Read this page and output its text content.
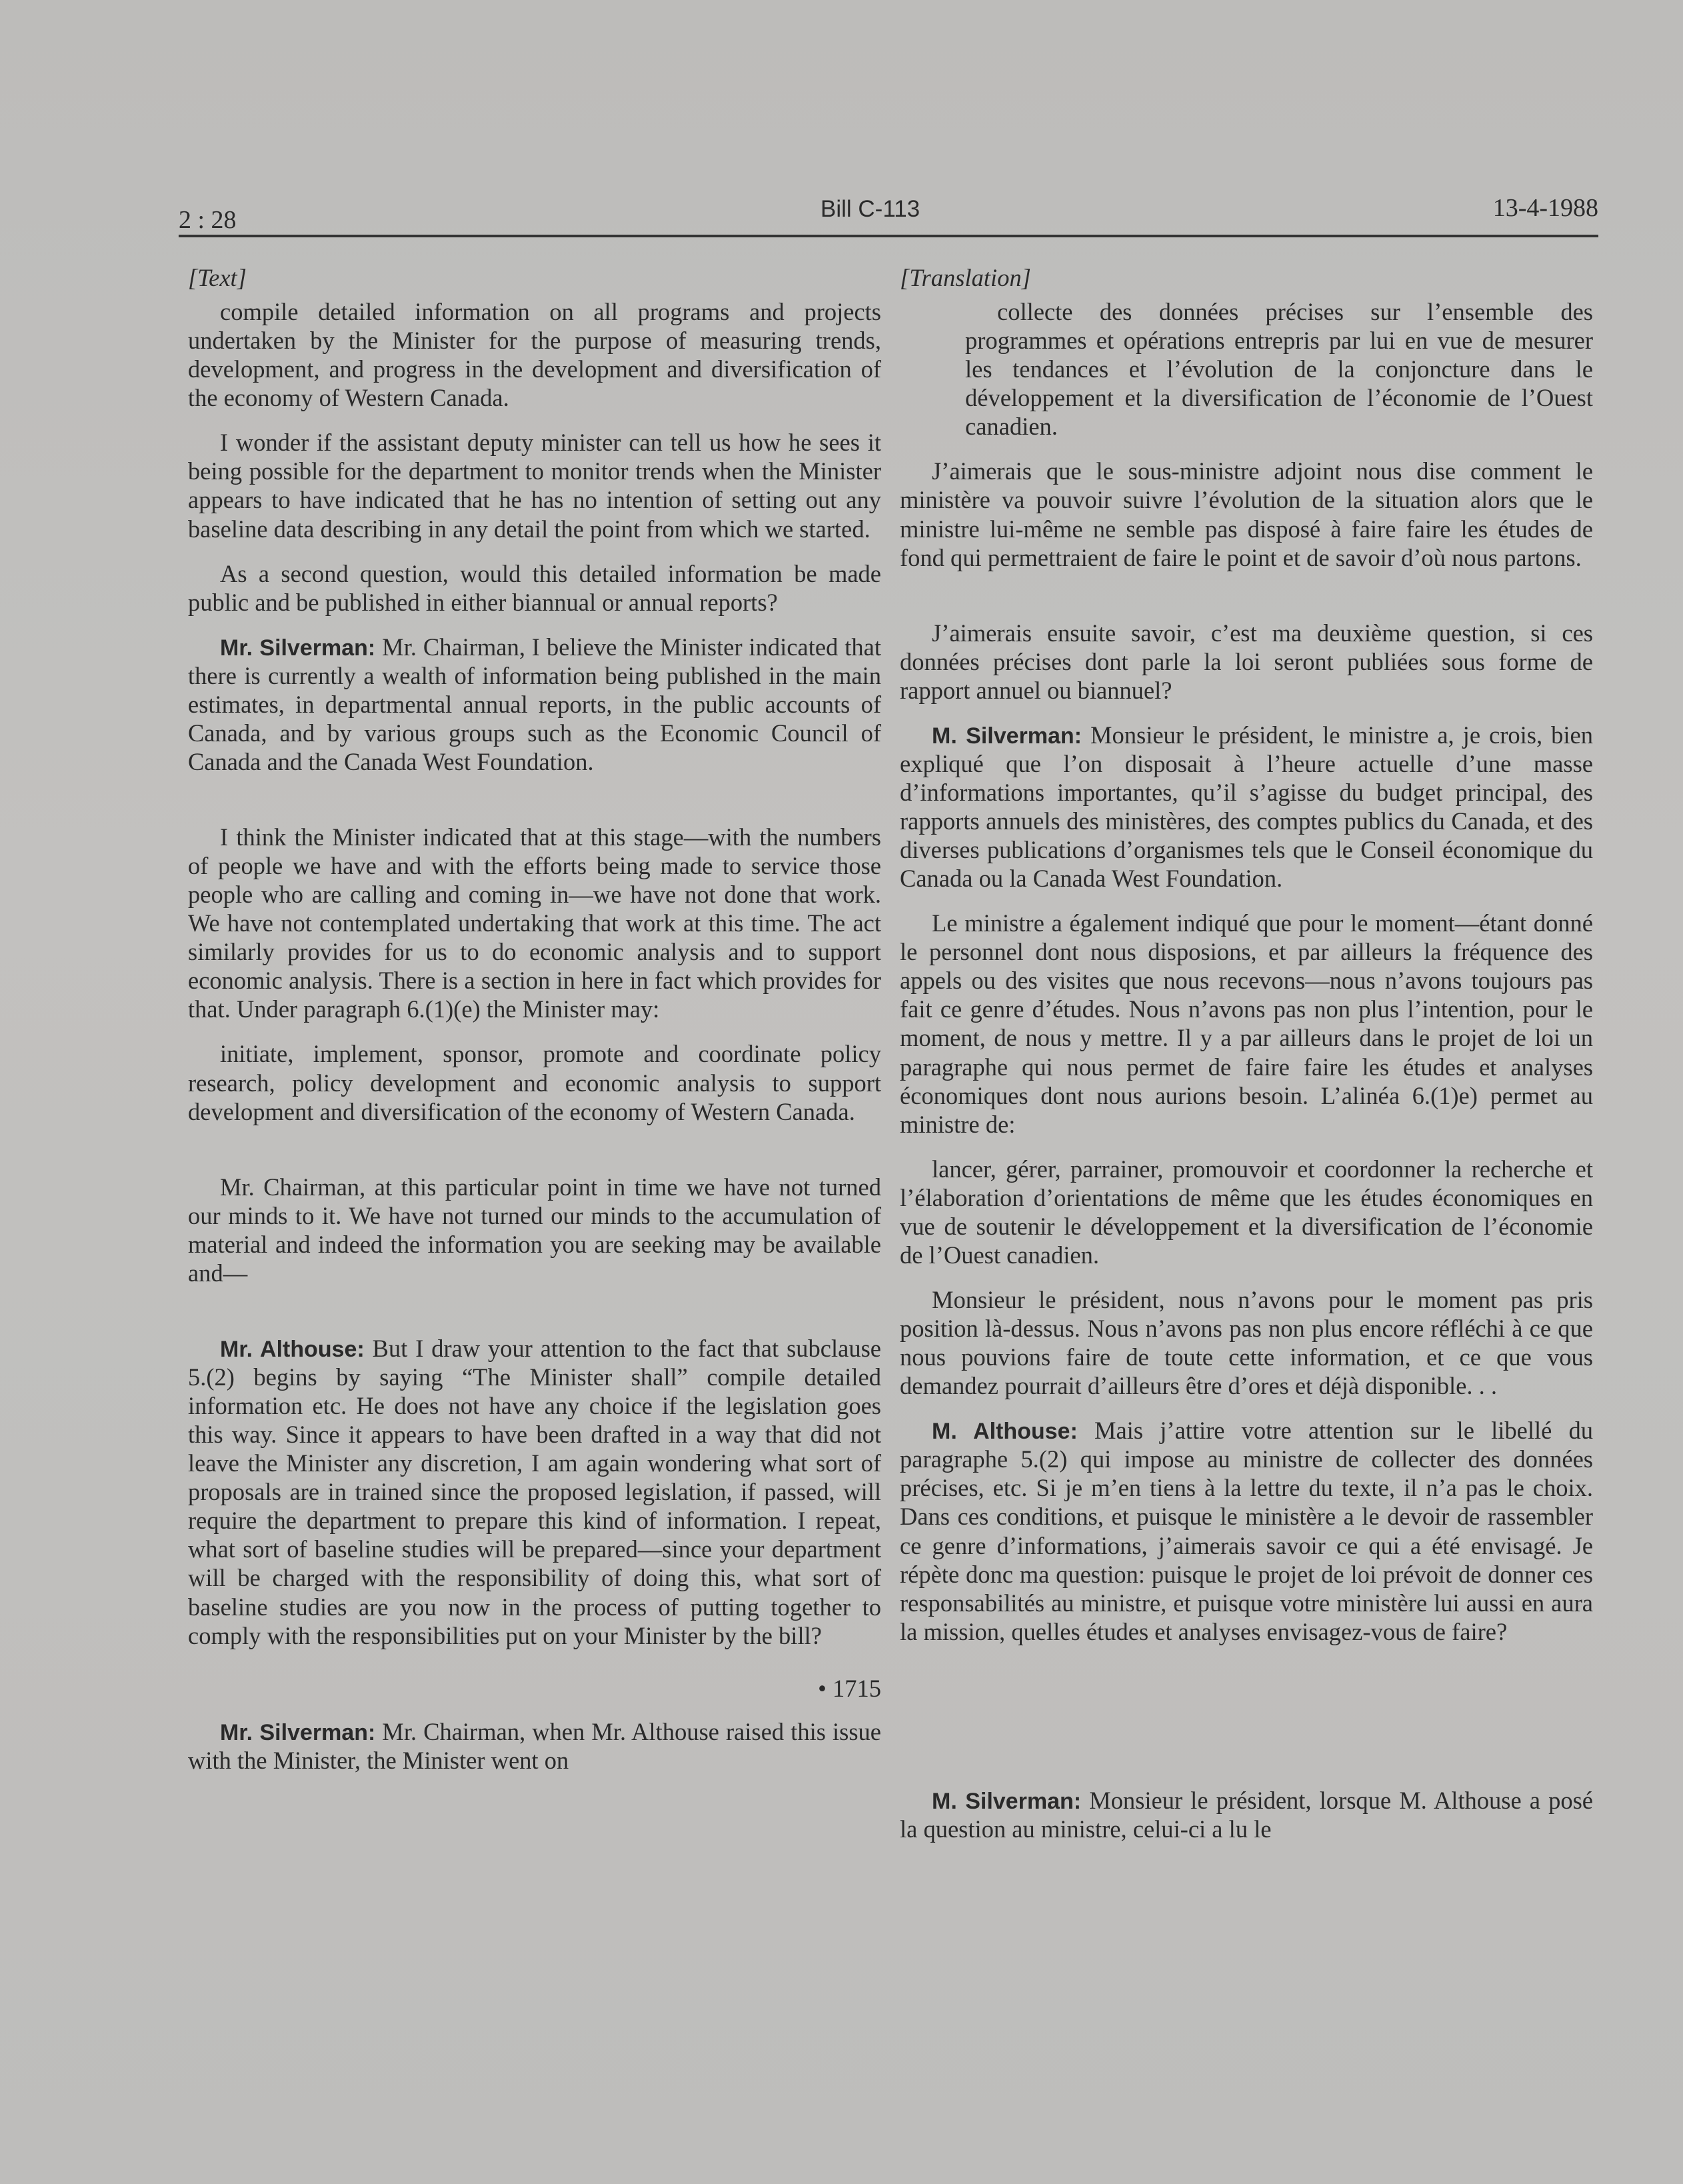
2 : 28	Bill C-113	13-4-1988
[Text]

compile detailed information on all programs and projects undertaken by the Minister for the purpose of measuring trends, development, and progress in the development and diversification of the economy of Western Canada.

I wonder if the assistant deputy minister can tell us how he sees it being possible for the department to monitor trends when the Minister appears to have indicated that he has no intention of setting out any baseline data describing in any detail the point from which we started.

As a second question, would this detailed information be made public and be published in either biannual or annual reports?

Mr. Silverman: Mr. Chairman, I believe the Minister indicated that there is currently a wealth of information being published in the main estimates, in departmental annual reports, in the public accounts of Canada, and by various groups such as the Economic Council of Canada and the Canada West Foundation.

I think the Minister indicated that at this stage—with the numbers of people we have and with the efforts being made to service those people who are calling and coming in—we have not done that work. We have not contemplated undertaking that work at this time. The act similarly provides for us to do economic analysis and to support economic analysis. There is a section in here in fact which provides for that. Under paragraph 6.(1)(e) the Minister may:

initiate, implement, sponsor, promote and coordinate policy research, policy development and economic analysis to support development and diversification of the economy of Western Canada.

Mr. Chairman, at this particular point in time we have not turned our minds to it. We have not turned our minds to the accumulation of material and indeed the information you are seeking may be available and—

Mr. Althouse: But I draw your attention to the fact that subclause 5.(2) begins by saying “The Minister shall” compile detailed information etc. He does not have any choice if the legislation goes this way. Since it appears to have been drafted in a way that did not leave the Minister any discretion, I am again wondering what sort of proposals are in trained since the proposed legislation, if passed, will require the department to prepare this kind of information. I repeat, what sort of baseline studies will be prepared—since your department will be charged with the responsibility of doing this, what sort of baseline studies are you now in the process of putting together to comply with the responsibilities put on your Minister by the bill?

• 1715

Mr. Silverman: Mr. Chairman, when Mr. Althouse raised this issue with the Minister, the Minister went on

[Translation]

collecte des données précises sur l’ensemble des programmes et opérations entrepris par lui en vue de mesurer les tendances et l’évolution de la conjoncture dans le développement et la diversification de l’économie de l’Ouest canadien.

J’aimerais que le sous-ministre adjoint nous dise comment le ministère va pouvoir suivre l’évolution de la situation alors que le ministre lui-même ne semble pas disposé à faire faire les études de fond qui permettraient de faire le point et de savoir d’où nous partons.

J’aimerais ensuite savoir, c’est ma deuxième question, si ces données précises dont parle la loi seront publiées sous forme de rapport annuel ou biannuel?

M. Silverman: Monsieur le président, le ministre a, je crois, bien expliqué que l’on disposait à l’heure actuelle d’une masse d’informations importantes, qu’il s’agisse du budget principal, des rapports annuels des ministères, des comptes publics du Canada, et des diverses publications d’organismes tels que le Conseil économique du Canada ou la Canada West Foundation.

Le ministre a également indiqué que pour le moment—étant donné le personnel dont nous disposions, et par ailleurs la fréquence des appels ou des visites que nous recevons—nous n’avons toujours pas fait ce genre d’études. Nous n’avons pas non plus l’intention, pour le moment, de nous y mettre. Il y a par ailleurs dans le projet de loi un paragraphe qui nous permet de faire faire les études et analyses économiques dont nous aurions besoin. L’alinéa 6.(1)e) permet au ministre de:

lancer, gérer, parrainer, promouvoir et coordonner la recherche et l’élaboration d’orientations de même que les études économiques en vue de soutenir le développement et la diversification de l’économie de l’Ouest canadien.

Monsieur le président, nous n’avons pour le moment pas pris position là-dessus. Nous n’avons pas non plus encore réfléchi à ce que nous pouvions faire de toute cette information, et ce que vous demandez pourrait d’ailleurs être d’ores et déjà disponible. . .

M. Althouse: Mais j’attire votre attention sur le libellé du paragraphe 5.(2) qui impose au ministre de collecter des données précises, etc. Si je m’en tiens à la lettre du texte, il n’a pas le choix. Dans ces conditions, et puisque le ministère a le devoir de rassembler ce genre d’informations, j’aimerais savoir ce qui a été envisagé. Je répète donc ma question: puisque le projet de loi prévoit de donner ces responsabilités au ministre, et puisque votre ministère lui aussi en aura la mission, quelles études et analyses envisagez-vous de faire?

M. Silverman: Monsieur le président, lorsque M. Althouse a posé la question au ministre, celui-ci a lu le
